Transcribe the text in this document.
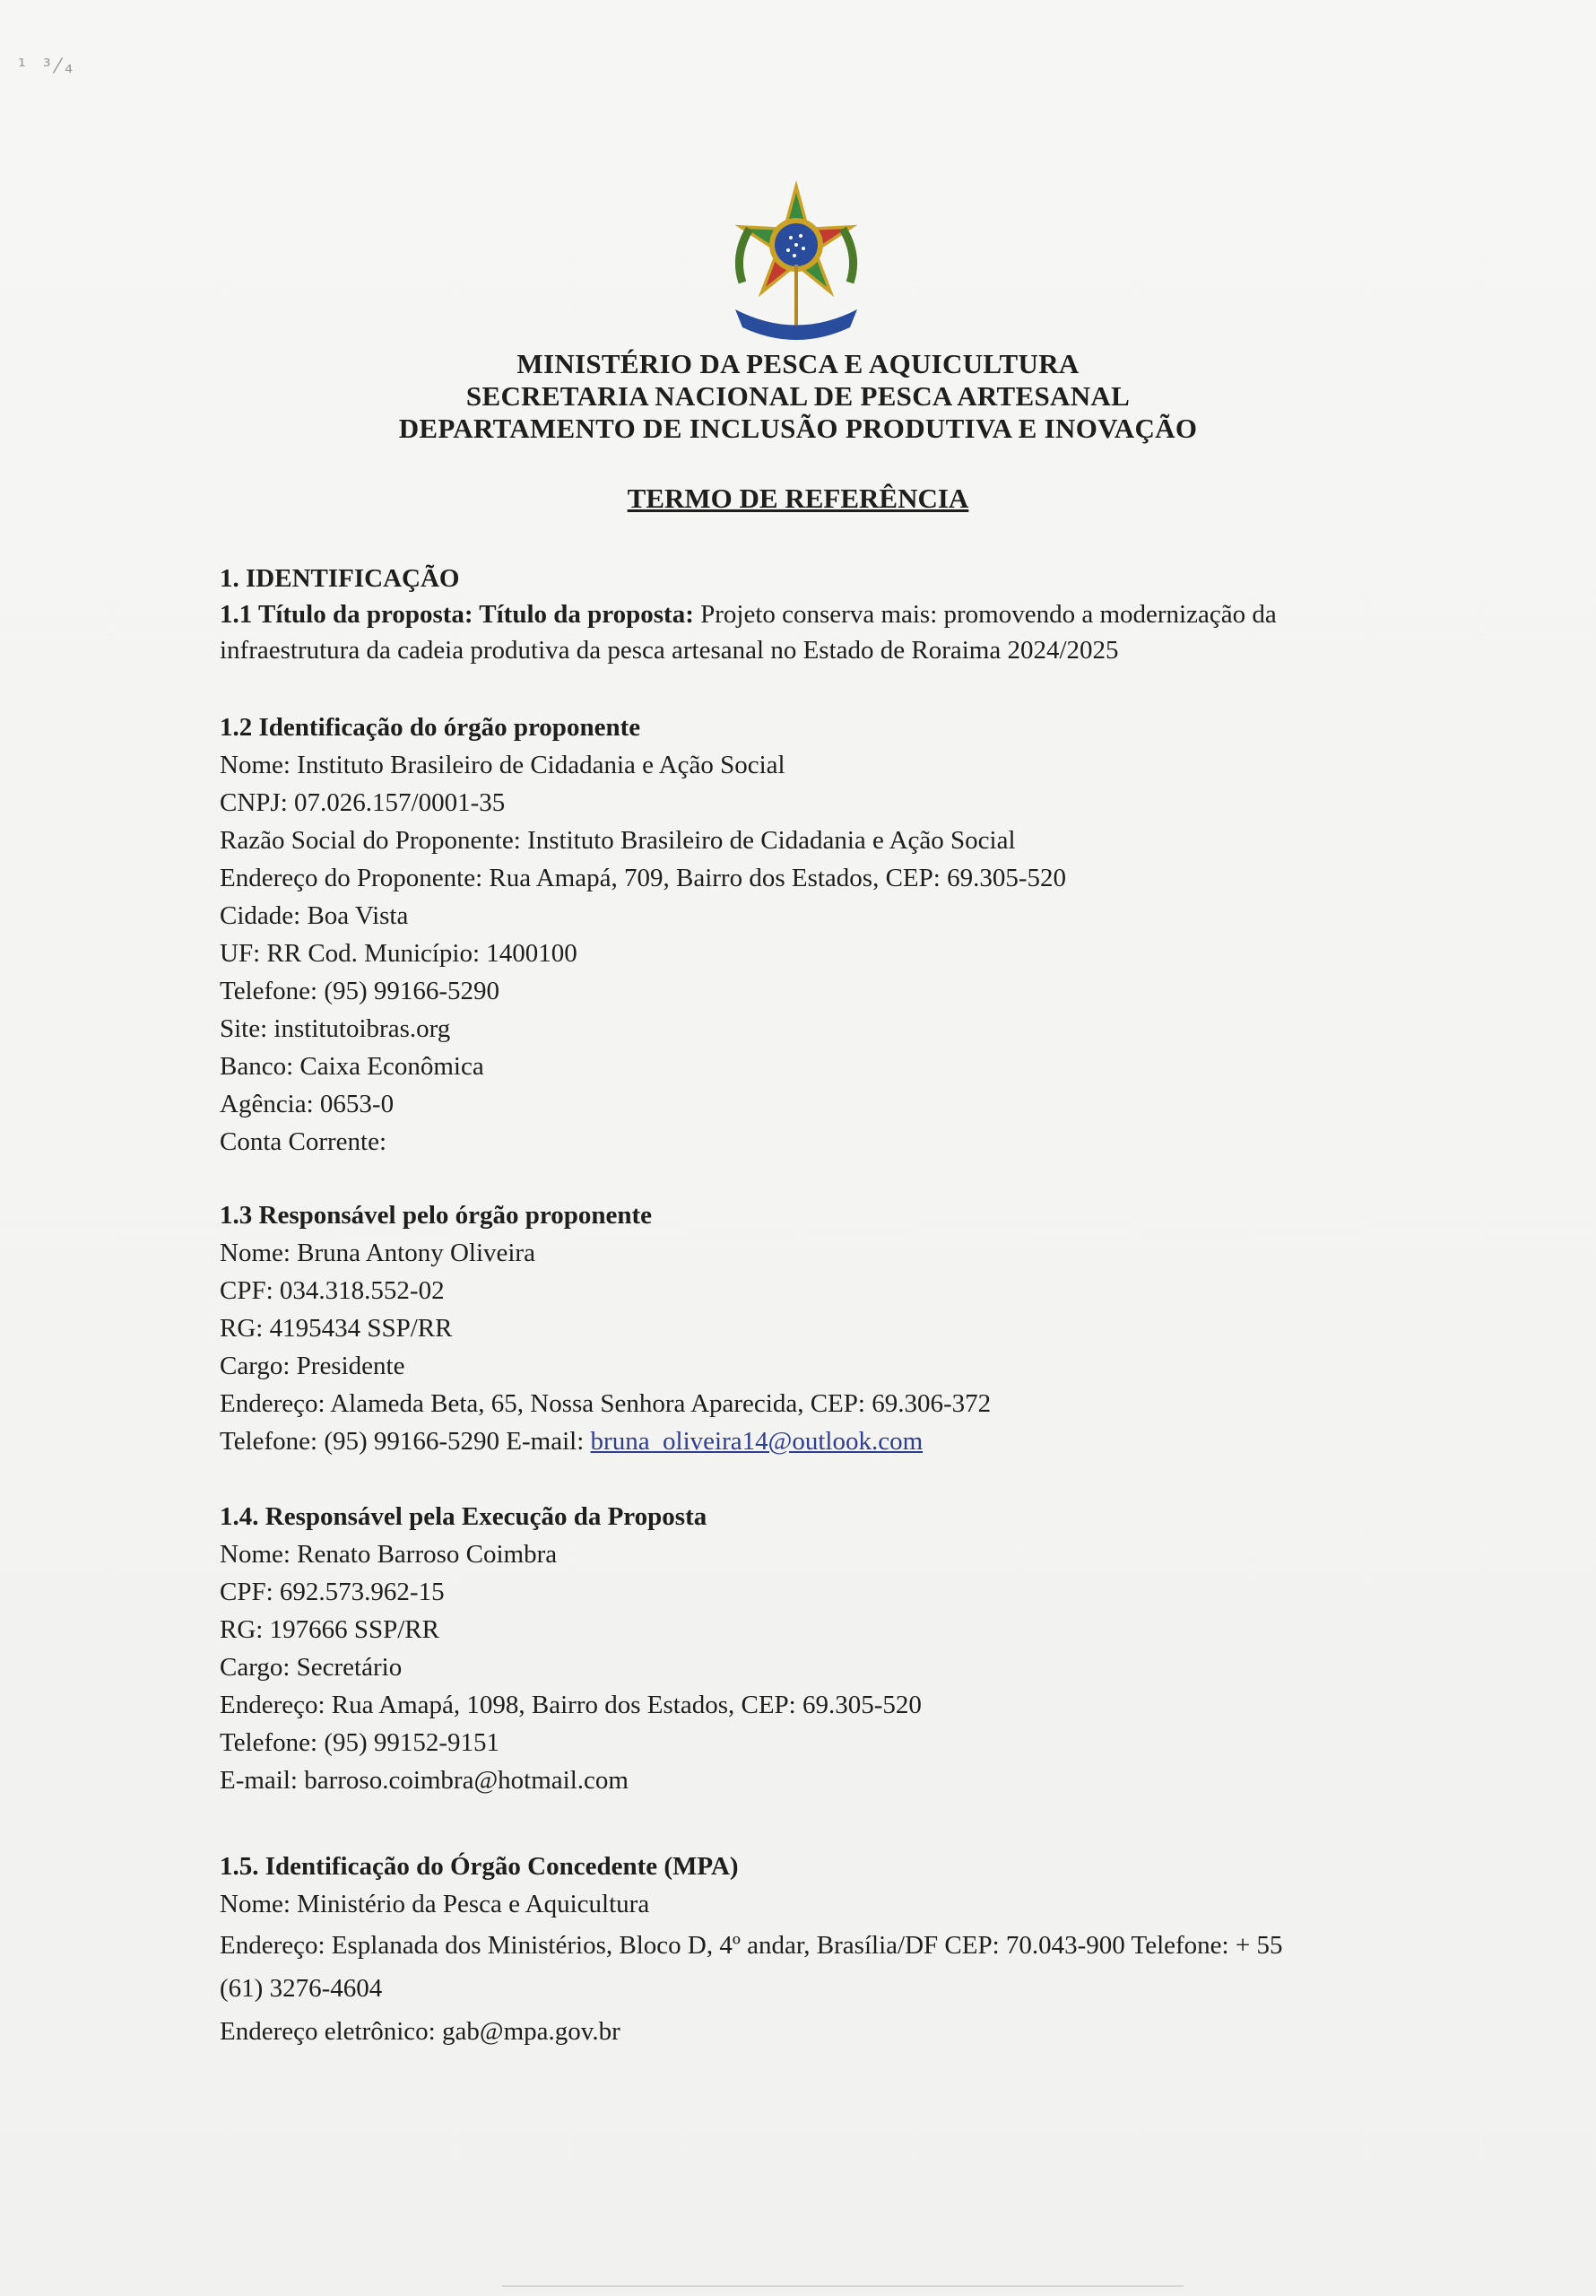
¹ ³⁄₄
MINISTÉRIO DA PESCA E AQUICULTURA
SECRETARIA NACIONAL DE PESCA ARTESANAL
DEPARTAMENTO DE INCLUSÃO PRODUTIVA E INOVAÇÃO
TERMO DE REFERÊNCIA
1. IDENTIFICAÇÃO
1.1 Título da proposta: Título da proposta: Projeto conserva mais: promovendo a modernização da
infraestrutura da cadeia produtiva da pesca artesanal no Estado de Roraima 2024/2025
1.2 Identificação do órgão proponente
Nome: Instituto Brasileiro de Cidadania e Ação Social
CNPJ: 07.026.157/0001-35
Razão Social do Proponente: Instituto Brasileiro de Cidadania e Ação Social
Endereço do Proponente: Rua Amapá, 709, Bairro dos Estados, CEP: 69.305-520
Cidade: Boa Vista
UF: RR Cod. Município: 1400100
Telefone: (95) 99166-5290
Site: institutoibras.org
Banco: Caixa Econômica
Agência: 0653-0
Conta Corrente:
1.3 Responsável pelo órgão proponente
Nome: Bruna Antony Oliveira
CPF: 034.318.552-02
RG: 4195434 SSP/RR
Cargo: Presidente
Endereço: Alameda Beta, 65, Nossa Senhora Aparecida, CEP: 69.306-372
Telefone: (95) 99166-5290 E-mail: bruna_oliveira14@outlook.com
1.4. Responsável pela Execução da Proposta
Nome: Renato Barroso Coimbra
CPF: 692.573.962-15
RG: 197666 SSP/RR
Cargo: Secretário
Endereço: Rua Amapá, 1098, Bairro dos Estados, CEP: 69.305-520
Telefone: (95) 99152-9151
E-mail: barroso.coimbra@hotmail.com
1.5. Identificação do Órgão Concedente (MPA)
Nome: Ministério da Pesca e Aquicultura
Endereço: Esplanada dos Ministérios, Bloco D, 4º andar, Brasília/DF CEP: 70.043-900 Telefone: + 55
(61) 3276-4604
Endereço eletrônico: gab@mpa.gov.br
